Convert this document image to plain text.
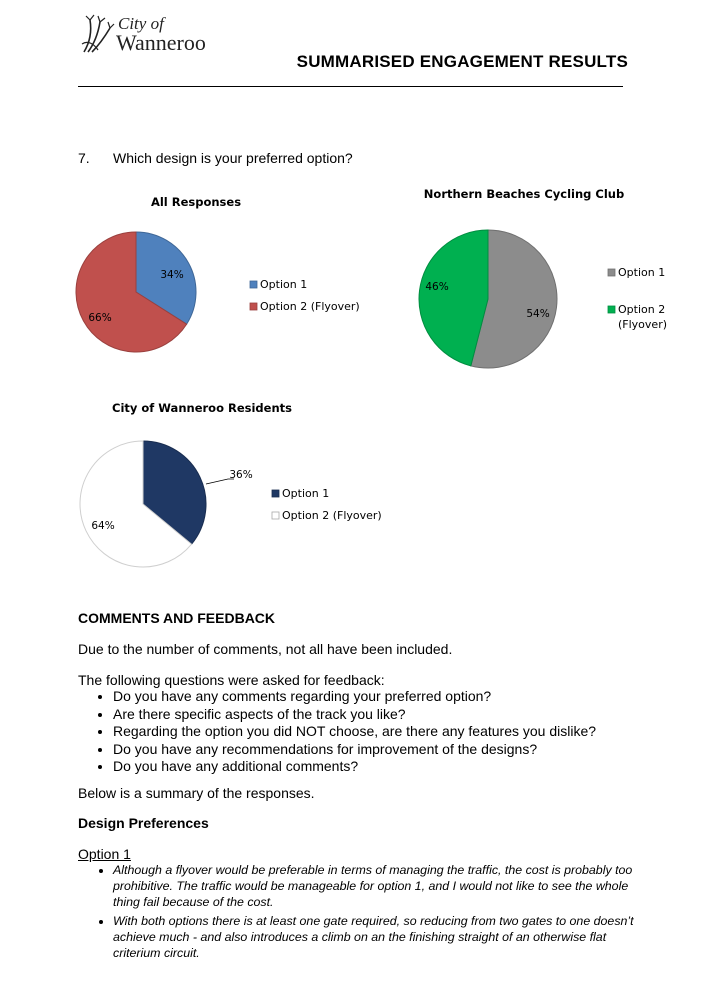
City of
Wanneroo
SUMMARISED ENGAGEMENT RESULTS
7. Which design is your preferred option?
All Responses
34%
66%
Option 1
Option 2 (Flyover)
Northern Beaches Cycling Club
54%
46%
Option 1
Option 2
(Flyover)
City of Wanneroo Residents
36%
64%
Option 1
Option 2 (Flyover)
COMMENTS AND FEEDBACK
Due to the number of comments, not all have been included.
The following questions were asked for feedback:
• Do you have any comments regarding your preferred option?
• Are there specific aspects of the track you like?
• Regarding the option you did NOT choose, are there any features you dislike?
• Do you have any recommendations for improvement of the designs?
• Do you have any additional comments?
Below is a summary of the responses.
Design Preferences
Option 1
• Although a flyover would be preferable in terms of managing the traffic, the cost is probably too prohibitive. The traffic would be manageable for option 1, and I would not like to see the whole thing fail because of the cost.
• With both options there is at least one gate required, so reducing from two gates to one doesn’t achieve much - and also introduces a climb on an the finishing straight of an otherwise flat criterium circuit.
